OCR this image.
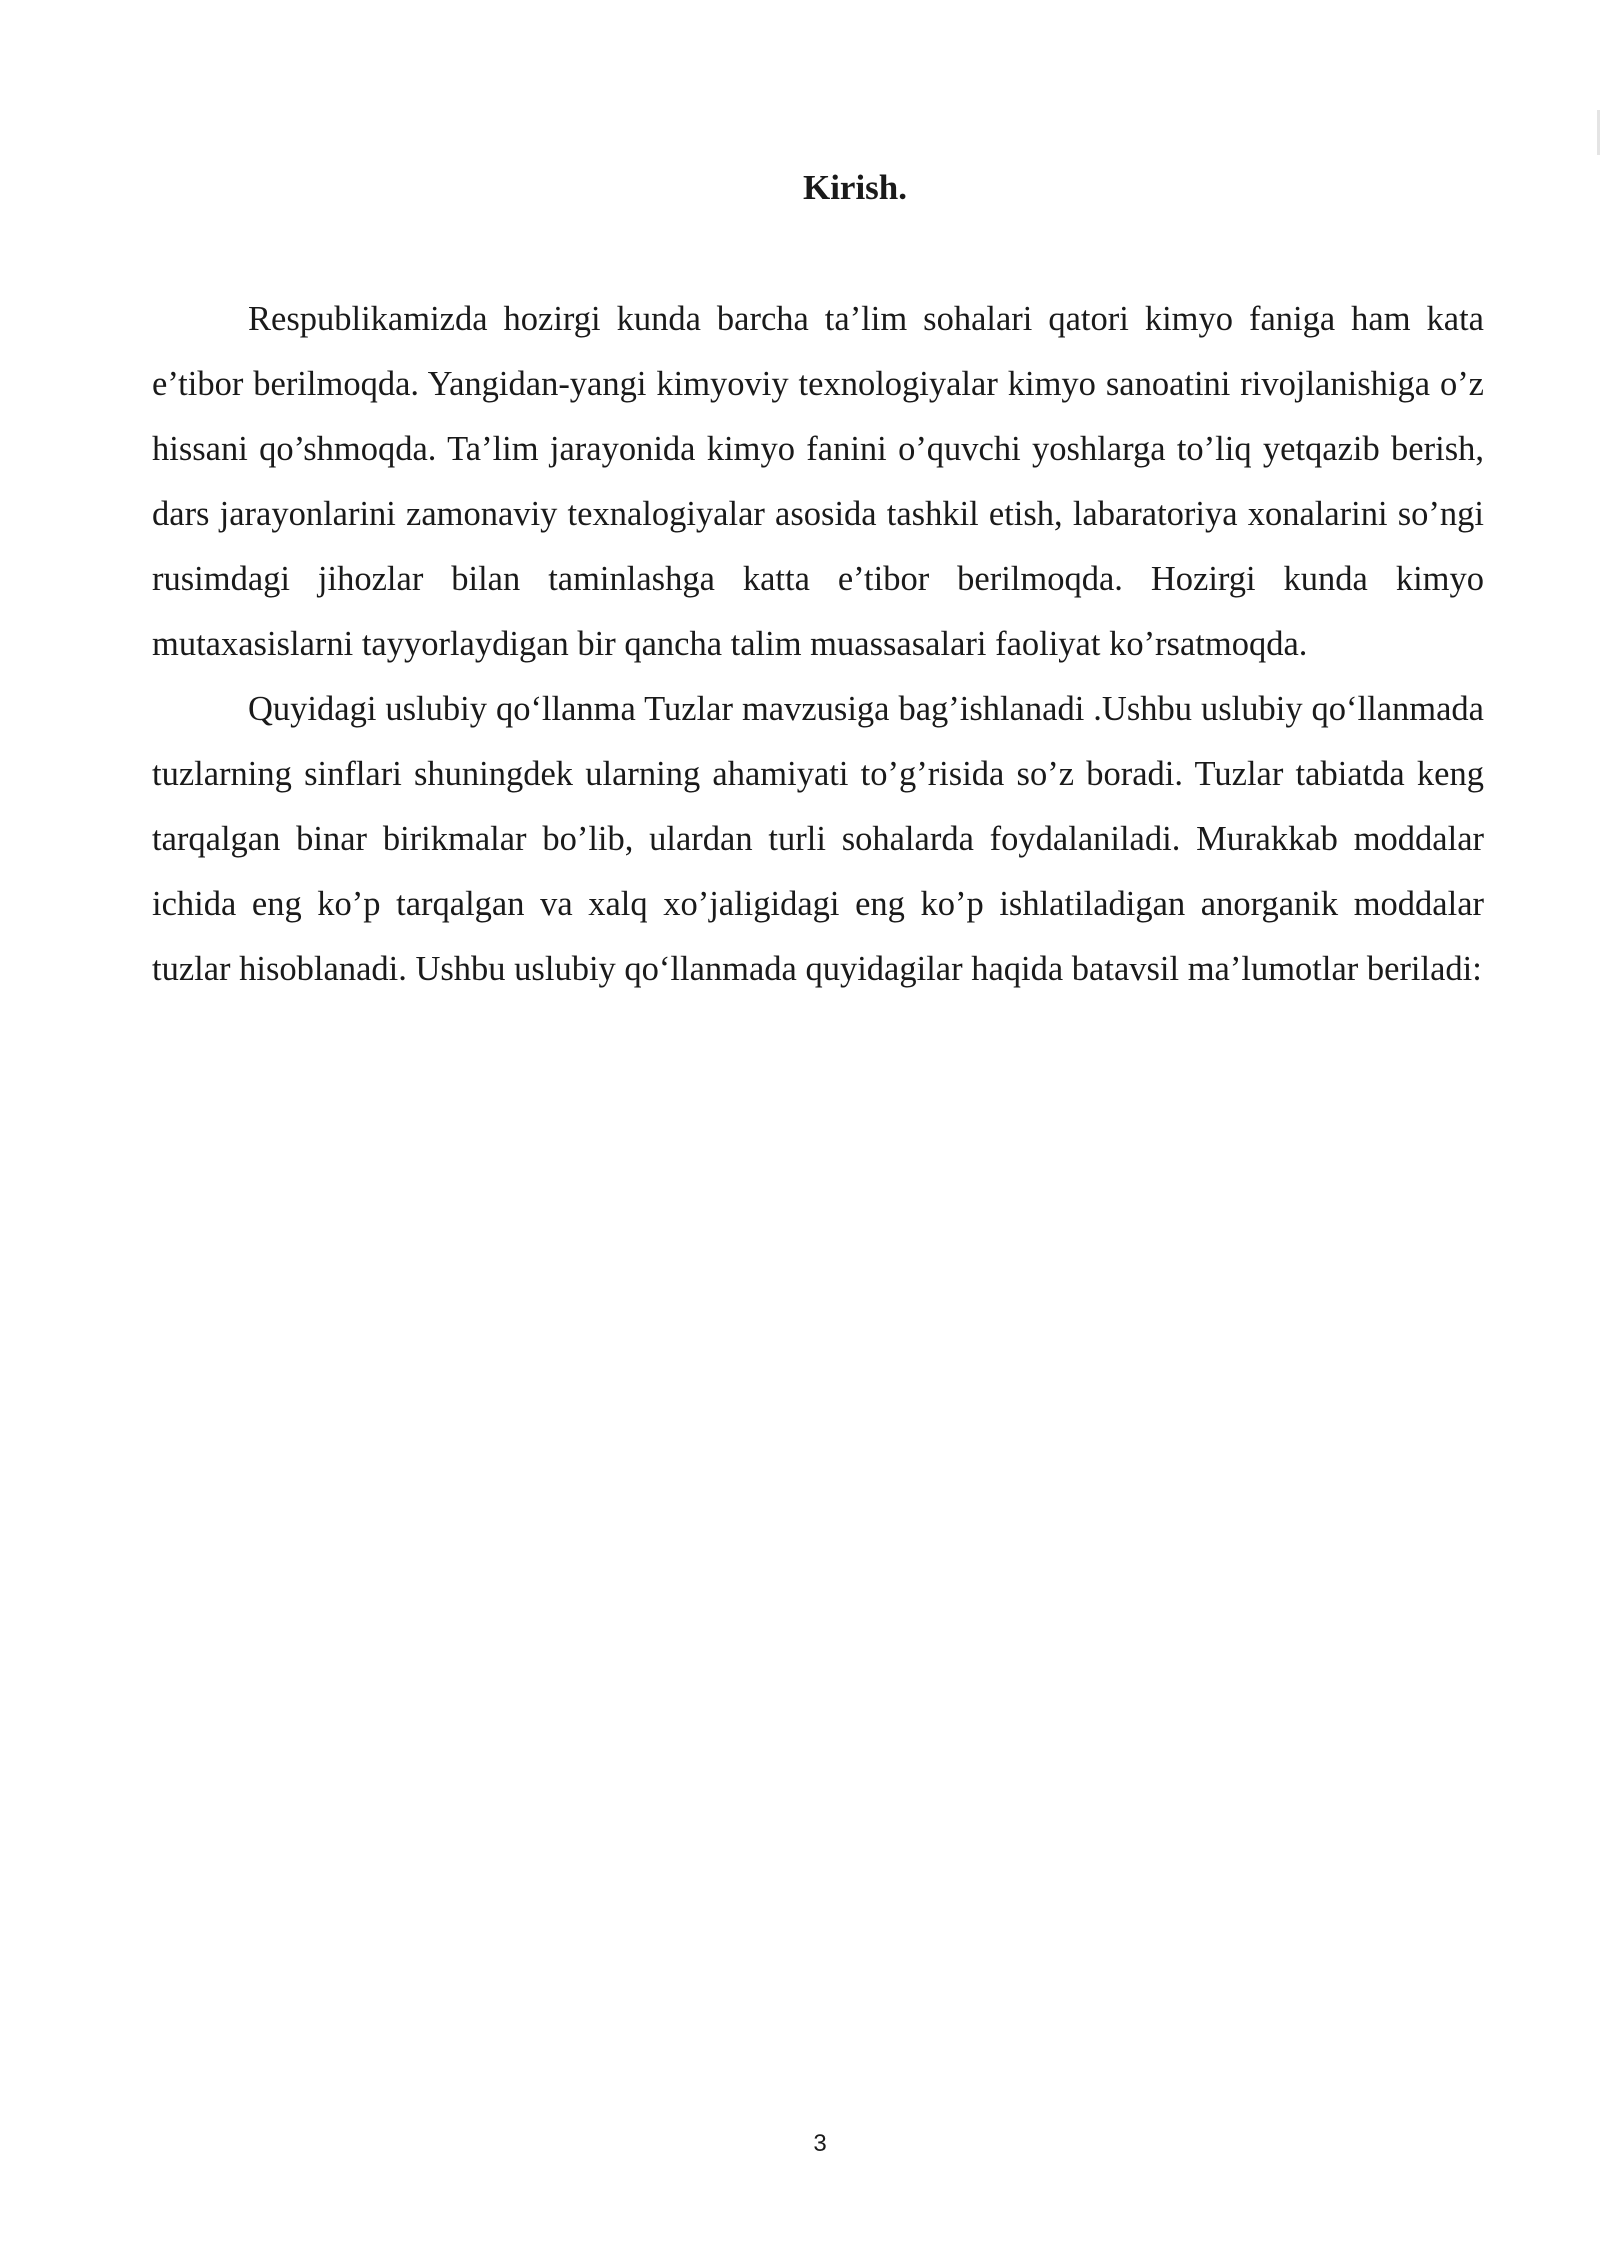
Kirish.

Respublikamizda hozirgi kunda barcha ta’lim sohalari qatori kimyo faniga ham kata e’tibor berilmoqda. Yangidan-yangi kimyoviy texnologiyalar kimyo sanoatini rivojlanishiga o’z hissani qo’shmoqda. Ta’lim jarayonida kimyo fanini o’quvchi yoshlarga to’liq yetqazib berish, dars jarayonlarini zamonaviy texnalogiyalar asosida tashkil etish, labaratoriya xonalarini so’ngi rusimdagi jihozlar bilan taminlashga katta e’tibor berilmoqda. Hozirgi kunda kimyo mutaxasislarni tayyorlaydigan bir qancha talim muassasalari faoliyat ko’rsatmoqda.

Quyidagi uslubiy qo‘llanma Tuzlar mavzusiga bag’ishlanadi .Ushbu uslubiy qo‘llanmada tuzlarning sinflari shuningdek ularning ahamiyati to’g’risida so’z boradi. Tuzlar tabiatda keng tarqalgan binar birikmalar bo’lib, ulardan turli sohalarda foydalaniladi. Murakkab moddalar ichida eng ko’p tarqalgan va xalq xo’jaligidagi eng ko’p ishlatiladigan anorganik moddalar tuzlar hisoblanadi. Ushbu uslubiy qo‘llanmada quyidagilar haqida batavsil ma’lumotlar beriladi:

3
